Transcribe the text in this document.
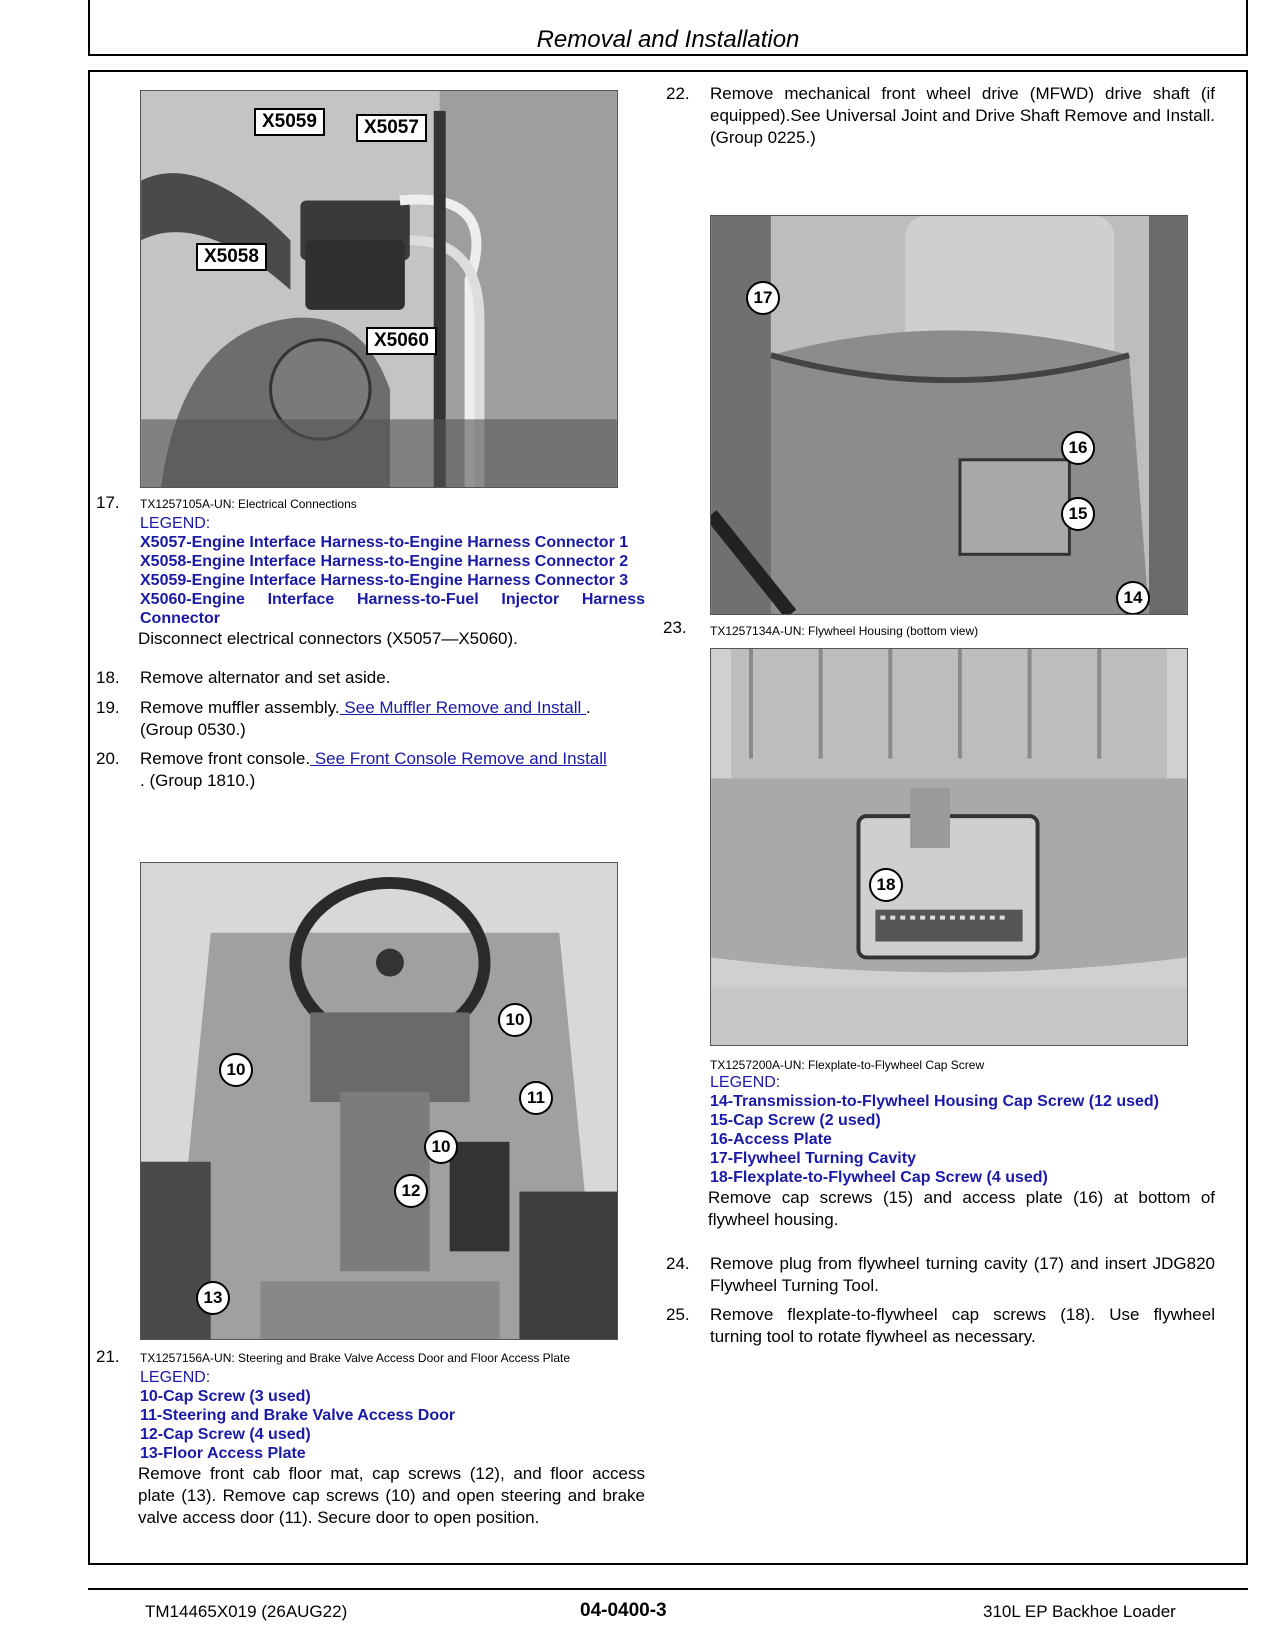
Removal and Installation
X5059	X5057
X5058
X5060
17. TX1257105A-UN: Electrical Connections
LEGEND:
X5057-Engine Interface Harness-to-Engine Harness Connector 1
X5058-Engine Interface Harness-to-Engine Harness Connector 2
X5059-Engine Interface Harness-to-Engine Harness Connector 3
X5060-Engine Interface Harness-to-Fuel Injector Harness Connector
Disconnect electrical connectors (X5057—X5060).
18. Remove alternator and set aside.
19. Remove muffler assembly. See Muffler Remove and Install .
(Group 0530.)
20. Remove front console. See Front Console Remove and Install
. (Group 1810.)
10
10
10
11
12
13
21. TX1257156A-UN: Steering and Brake Valve Access Door and Floor Access Plate
LEGEND:
10-Cap Screw (3 used)
11-Steering and Brake Valve Access Door
12-Cap Screw (4 used)
13-Floor Access Plate
Remove front cab floor mat, cap screws (12), and floor access plate (13). Remove cap screws (10) and open steering and brake valve access door (11). Secure door to open position.
22. Remove mechanical front wheel drive (MFWD) drive shaft (if equipped).See Universal Joint and Drive Shaft Remove and Install. (Group 0225.)
17
16
15
14
23. TX1257134A-UN: Flywheel Housing (bottom view)
18
TX1257200A-UN: Flexplate-to-Flywheel Cap Screw
LEGEND:
14-Transmission-to-Flywheel Housing Cap Screw (12 used)
15-Cap Screw (2 used)
16-Access Plate
17-Flywheel Turning Cavity
18-Flexplate-to-Flywheel Cap Screw (4 used)
Remove cap screws (15) and access plate (16) at bottom of flywheel housing.
24. Remove plug from flywheel turning cavity (17) and insert JDG820 Flywheel Turning Tool.
25. Remove flexplate-to-flywheel cap screws (18). Use flywheel turning tool to rotate flywheel as necessary.
TM14465X019 (26AUG22)	04-0400-3	310L EP Backhoe Loader
